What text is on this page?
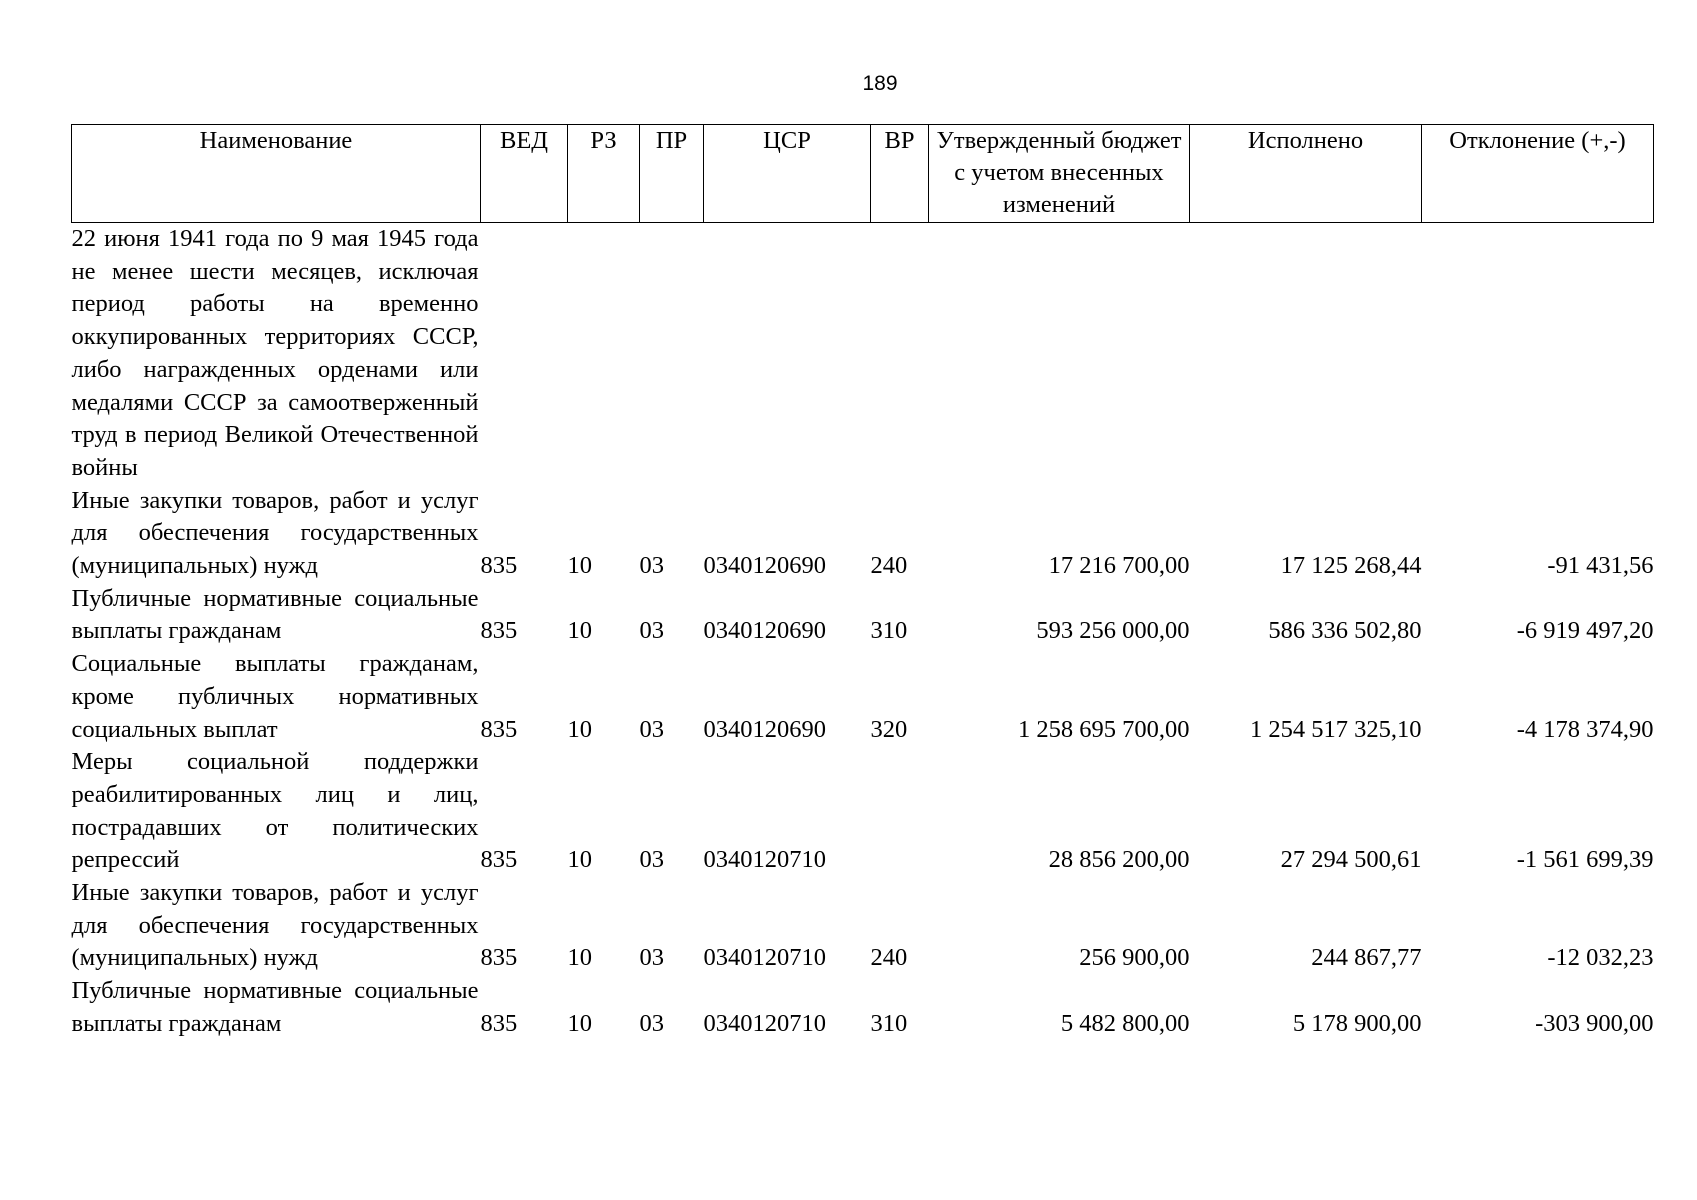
189
Наименование	ВЕД	РЗ	ПР	ЦСР	ВР	Утвержденный бюджет с учетом внесенных изменений	Исполнено	Отклонение (+,-)
22 июня 1941 года по 9 мая 1945 года не менее шести месяцев, исключая период работы на временно оккупированных территориях СССР, либо награжденных орденами или медалями СССР за самоотверженный труд в период Великой Отечественной войны								
Иные закупки товаров, работ и услуг для обеспечения государственных (муниципальных) нужд	835	10	03	0340120690	240	17 216 700,00	17 125 268,44	-91 431,56
Публичные нормативные социальные выплаты гражданам	835	10	03	0340120690	310	593 256 000,00	586 336 502,80	-6 919 497,20
Социальные выплаты гражданам, кроме публичных нормативных социальных выплат	835	10	03	0340120690	320	1 258 695 700,00	1 254 517 325,10	-4 178 374,90
Меры социальной поддержки реабилитированных лиц и лиц, пострадавших от политических репрессий	835	10	03	0340120710		28 856 200,00	27 294 500,61	-1 561 699,39
Иные закупки товаров, работ и услуг для обеспечения государственных (муниципальных) нужд	835	10	03	0340120710	240	256 900,00	244 867,77	-12 032,23
Публичные нормативные социальные выплаты гражданам	835	10	03	0340120710	310	5 482 800,00	5 178 900,00	-303 900,00
